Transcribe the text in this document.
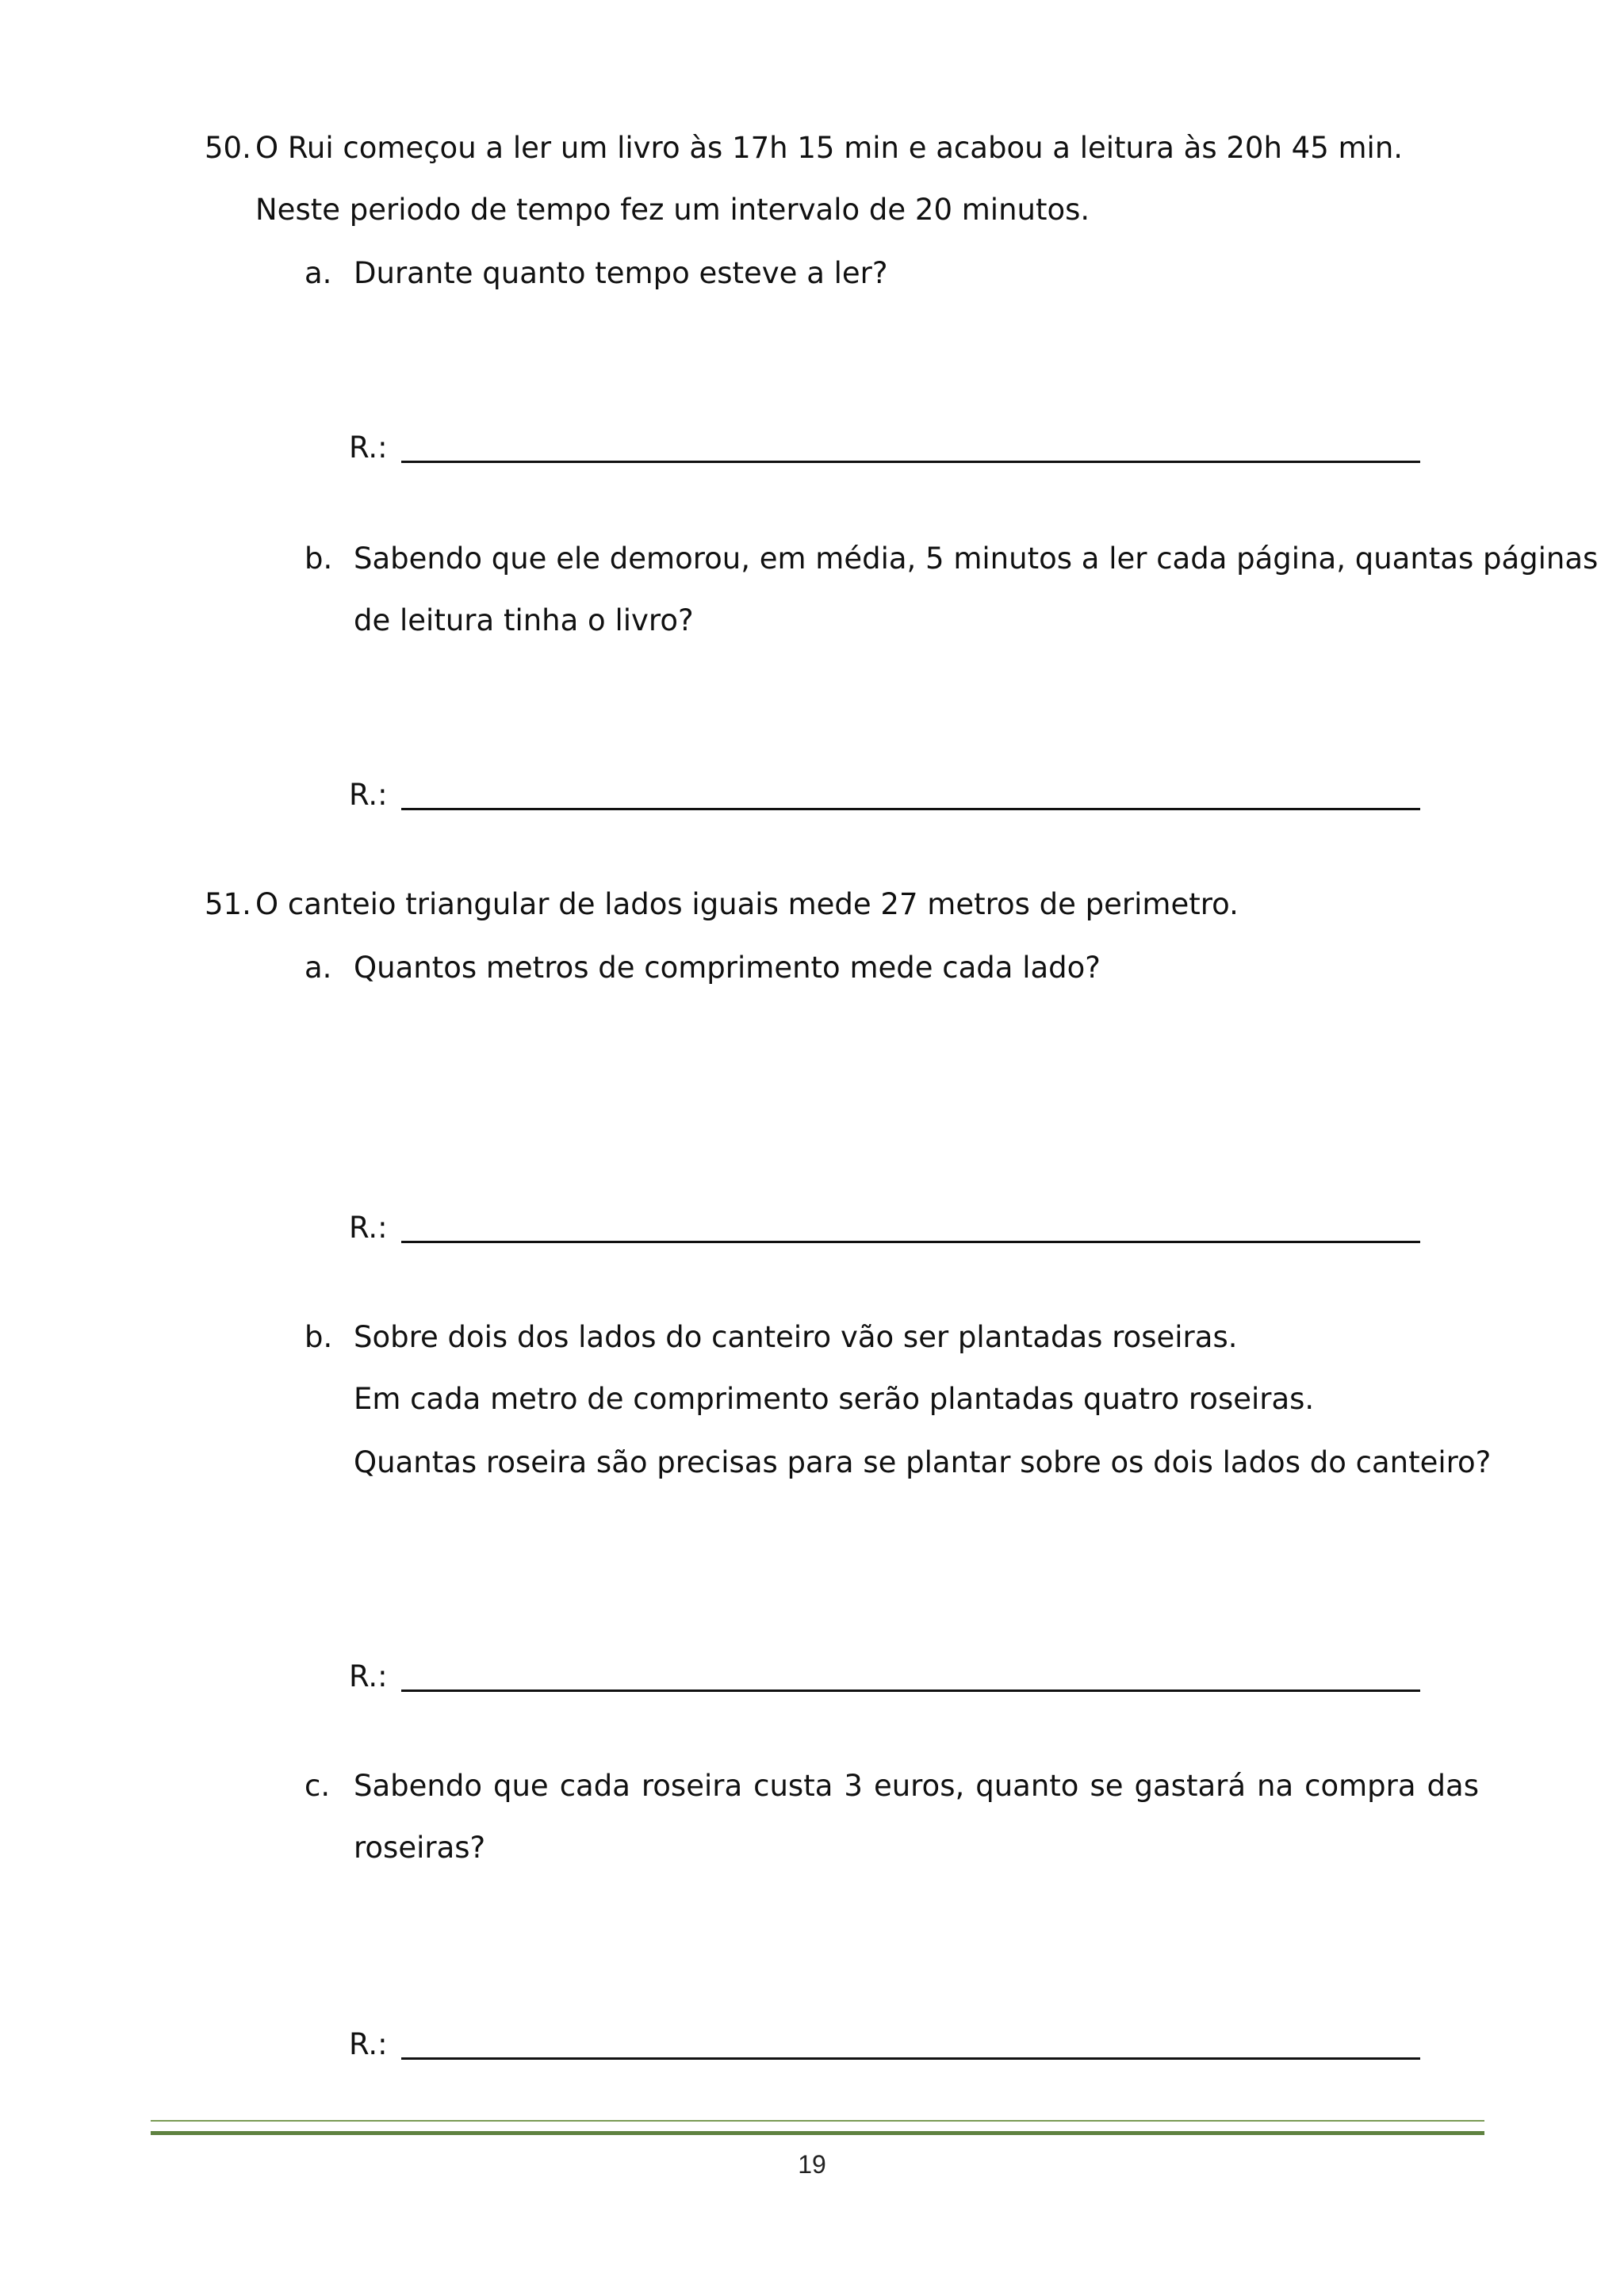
50. O Rui começou a ler um livro às 17h 15 min e acabou a leitura às 20h 45 min.
Neste periodo de tempo fez um intervalo de 20 minutos.
a. Durante quanto tempo esteve a ler?
R.:
b. Sabendo que ele demorou, em média, 5 minutos a ler cada página, quantas páginas
de leitura tinha o livro?
R.:
51. O canteio triangular de lados iguais mede 27 metros de perimetro.
a. Quantos metros de comprimento mede cada lado?
R.:
b. Sobre dois dos lados do canteiro vão ser plantadas roseiras.
Em cada metro de comprimento serão plantadas quatro roseiras.
Quantas roseira são precisas para se plantar sobre os dois lados do canteiro?
R.:
c. Sabendo que cada roseira custa 3 euros, quanto se gastará na compra das
roseiras?
R.:
19
